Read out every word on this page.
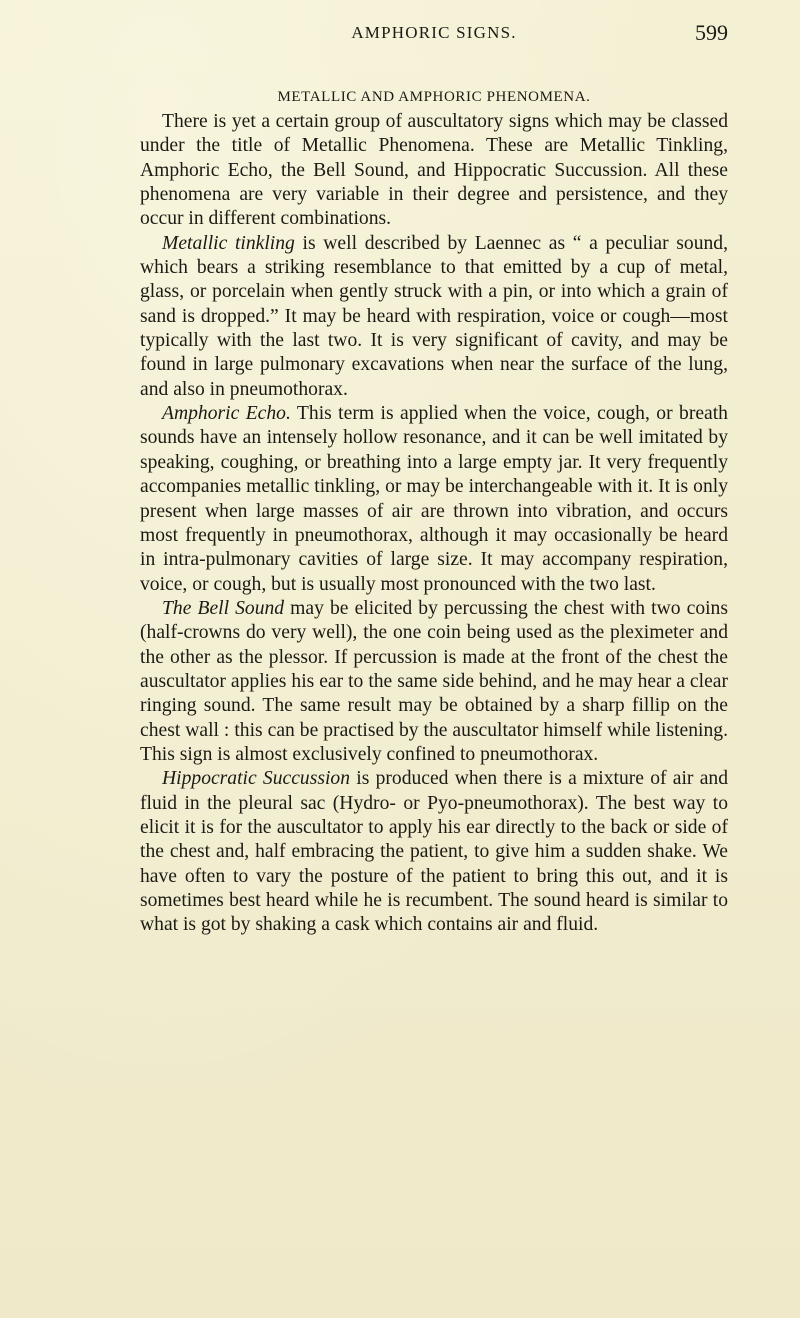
AMPHORIC SIGNS.	599
METALLIC AND AMPHORIC PHENOMENA.

There is yet a certain group of auscultatory signs which may be classed under the title of Metallic Phenomena. These are Metallic Tinkling, Amphoric Echo, the Bell Sound, and Hippocratic Succussion. All these phenomena are very variable in their degree and persistence, and they occur in different combinations.

Metallic tinkling is well described by Laennec as “ a peculiar sound, which bears a striking resemblance to that emitted by a cup of metal, glass, or porcelain when gently struck with a pin, or into which a grain of sand is dropped.” It may be heard with respiration, voice or cough—most typically with the last two. It is very significant of cavity, and may be found in large pulmonary excavations when near the surface of the lung, and also in pneumothorax.

Amphoric Echo. This term is applied when the voice, cough, or breath sounds have an intensely hollow resonance, and it can be well imitated by speaking, coughing, or breathing into a large empty jar. It very frequently accompanies metallic tinkling, or may be interchangeable with it. It is only present when large masses of air are thrown into vibration, and occurs most frequently in pneumothorax, although it may occasionally be heard in intra-pulmonary cavities of large size. It may accompany respiration, voice, or cough, but is usually most pronounced with the two last.

The Bell Sound may be elicited by percussing the chest with two coins (half-crowns do very well), the one coin being used as the pleximeter and the other as the plessor. If percussion is made at the front of the chest the auscultator applies his ear to the same side behind, and he may hear a clear ringing sound. The same result may be obtained by a sharp fillip on the chest wall : this can be practised by the auscultator himself while listening. This sign is almost exclusively confined to pneumothorax.

Hippocratic Succussion is produced when there is a mixture of air and fluid in the pleural sac (Hydro- or Pyo-pneumothorax). The best way to elicit it is for the auscultator to apply his ear directly to the back or side of the chest and, half embracing the patient, to give him a sudden shake. We have often to vary the posture of the patient to bring this out, and it is sometimes best heard while he is recumbent. The sound heard is similar to what is got by shaking a cask which contains air and fluid.
